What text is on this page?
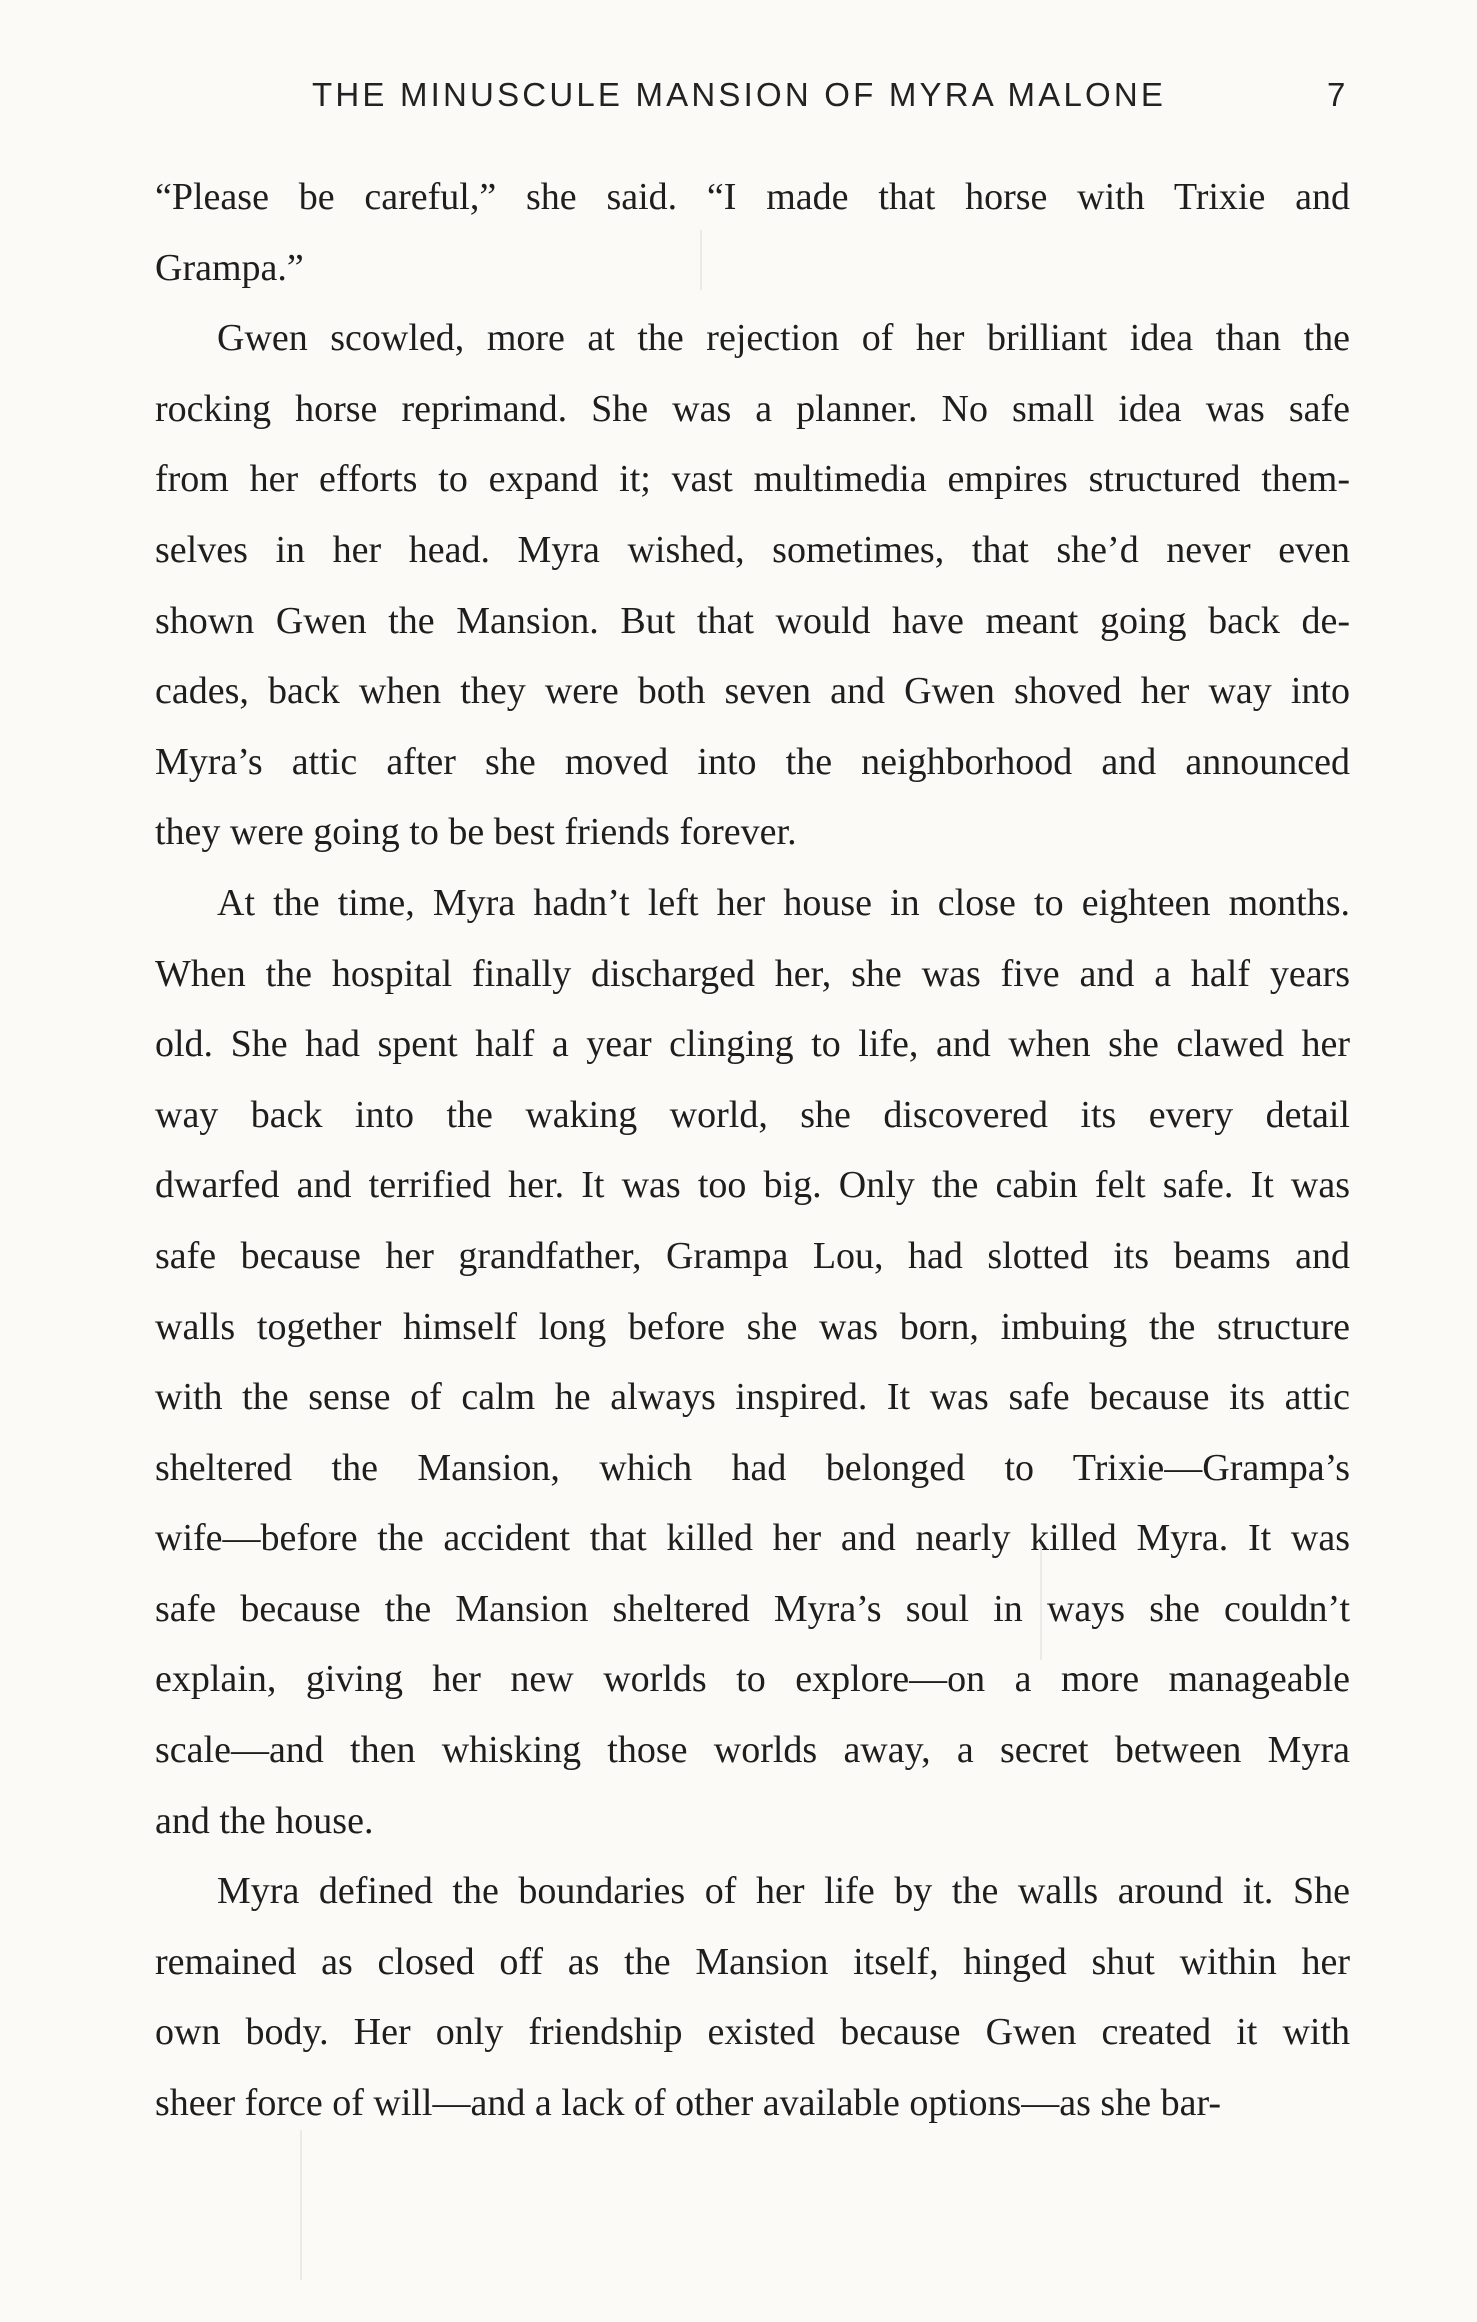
THE MINUSCULE MANSION OF MYRA MALONE	7

“Please be careful,” she said. “I made that horse with Trixie and
Grampa.”

Gwen scowled, more at the rejection of her brilliant idea than the
rocking horse reprimand. She was a planner. No small idea was safe
from her efforts to expand it; vast multimedia empires structured them-
selves in her head. Myra wished, sometimes, that she’d never even
shown Gwen the Mansion. But that would have meant going back de-
cades, back when they were both seven and Gwen shoved her way into
Myra’s attic after she moved into the neighborhood and announced
they were going to be best friends forever.

At the time, Myra hadn’t left her house in close to eighteen months.
When the hospital finally discharged her, she was five and a half years
old. She had spent half a year clinging to life, and when she clawed her
way back into the waking world, she discovered its every detail
dwarfed and terrified her. It was too big. Only the cabin felt safe. It was
safe because her grandfather, Grampa Lou, had slotted its beams and
walls together himself long before she was born, imbuing the structure
with the sense of calm he always inspired. It was safe because its attic
sheltered the Mansion, which had belonged to Trixie—Grampa’s
wife—before the accident that killed her and nearly killed Myra. It was
safe because the Mansion sheltered Myra’s soul in ways she couldn’t
explain, giving her new worlds to explore—on a more manageable
scale—and then whisking those worlds away, a secret between Myra
and the house.

Myra defined the boundaries of her life by the walls around it. She
remained as closed off as the Mansion itself, hinged shut within her
own body. Her only friendship existed because Gwen created it with
sheer force of will—and a lack of other available options—as she bar-
